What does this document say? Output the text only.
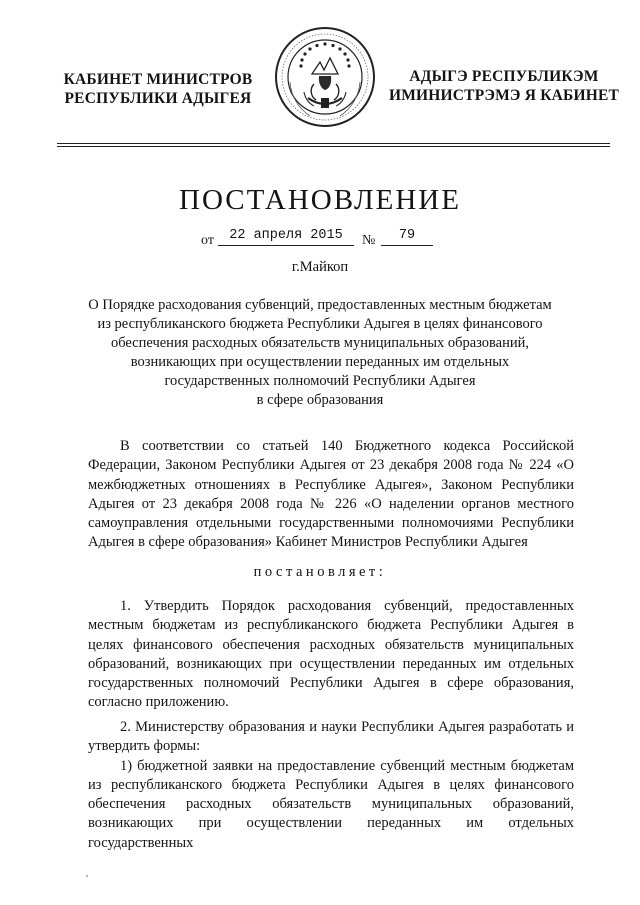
КАБИНЕТ МИНИСТРОВ
РЕСПУБЛИКИ АДЫГЕЯ
АДЫГЭ РЕСПУБЛИКЭМ
ИМИНИСТРЭМЭ Я КАБИНЕТ
ПОСТАНОВЛЕНИЕ
от	22 апреля 2015	№	79
г.Майкоп
О Порядке расходования субвенций, предоставленных местным бюджетам
из республиканского бюджета Республики Адыгея в целях финансового
обеспечения расходных обязательств муниципальных образований,
возникающих при осуществлении переданных им отдельных
государственных полномочий Республики Адыгея
в сфере образования

В соответствии со статьей 140 Бюджетного кодекса Российской Федерации, Законом Республики Адыгея от 23 декабря 2008 года № 224 «О межбюджетных отношениях в Республике Адыгея», Законом Республики Адыгея от 23 декабря 2008 года № 226 «О наделении органов местного самоуправления отдельными государственными полномочиями Республики Адыгея в сфере образования» Кабинет Министров Республики Адыгея

постановляет:

1. Утвердить Порядок расходования субвенций, предоставленных местным бюджетам из республиканского бюджета Республики Адыгея в целях финансового обеспечения расходных обязательств муниципальных образований, возникающих при осуществлении переданных им отдельных государственных полномочий Республики Адыгея в сфере образования, согласно приложению.

2. Министерству образования и науки Республики Адыгея разработать и утвердить формы:

1) бюджетной заявки на предоставление субвенций местным бюджетам из республиканского бюджета Республики Адыгея в целях финансового обеспечения расходных обязательств муниципальных образований, возникающих при осуществлении переданных им отдельных государственных
